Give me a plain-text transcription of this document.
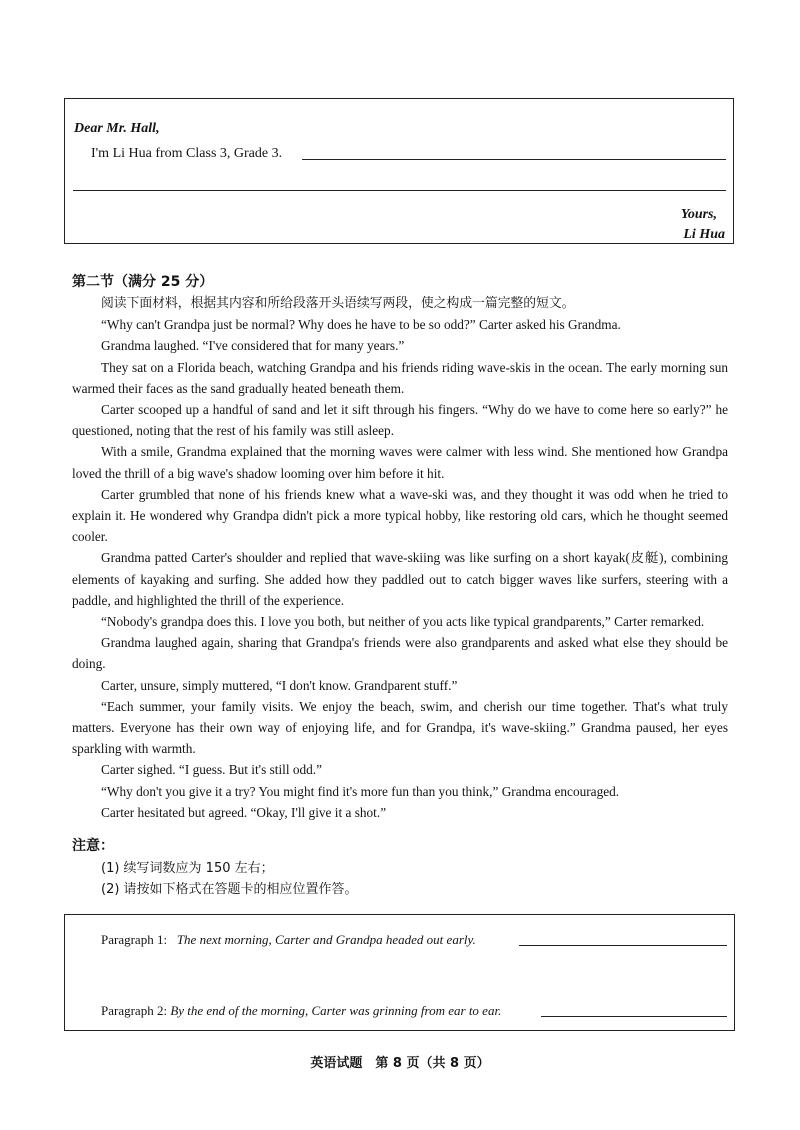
Dear Mr. Hall,
I'm Li Hua from Class 3, Grade 3.
Yours,
Li Hua
第二节（满分 25 分）

阅读下面材料，根据其内容和所给段落开头语续写两段，使之构成一篇完整的短文。

“Why can't Grandpa just be normal? Why does he have to be so odd?” Carter asked his Grandma.

Grandma laughed. “I've considered that for many years.”

They sat on a Florida beach, watching Grandpa and his friends riding wave-skis in the ocean. The early morning sun warmed their faces as the sand gradually heated beneath them.

Carter scooped up a handful of sand and let it sift through his fingers. “Why do we have to come here so early?” he questioned, noting that the rest of his family was still asleep.

With a smile, Grandma explained that the morning waves were calmer with less wind. She mentioned how Grandpa loved the thrill of a big wave's shadow looming over him before it hit.

Carter grumbled that none of his friends knew what a wave-ski was, and they thought it was odd when he tried to explain it. He wondered why Grandpa didn't pick a more typical hobby, like restoring old cars, which he thought seemed cooler.

Grandma patted Carter's shoulder and replied that wave-skiing was like surfing on a short kayak(皮艇), combining elements of kayaking and surfing. She added how they paddled out to catch bigger waves like surfers, steering with a paddle, and highlighted the thrill of the experience.

“Nobody's grandpa does this. I love you both, but neither of you acts like typical grandparents,” Carter remarked.

Grandma laughed again, sharing that Grandpa's friends were also grandparents and asked what else they should be doing.

Carter, unsure, simply muttered, “I don't know. Grandparent stuff.”

“Each summer, your family visits. We enjoy the beach, swim, and cherish our time together. That's what truly matters. Everyone has their own way of enjoying life, and for Grandpa, it's wave-skiing.” Grandma paused, her eyes sparkling with warmth.

Carter sighed. “I guess. But it's still odd.”

“Why don't you give it a try? You might find it's more fun than you think,” Grandma encouraged.

Carter hesitated but agreed. “Okay, I'll give it a shot.”

注意：
(1) 续写词数应为 150 左右；
(2) 请按如下格式在答题卡的相应位置作答。
Paragraph 1: The next morning, Carter and Grandpa headed out early.
Paragraph 2: By the end of the morning, Carter was grinning from ear to ear.
英语试题　第 8 页（共 8 页）
